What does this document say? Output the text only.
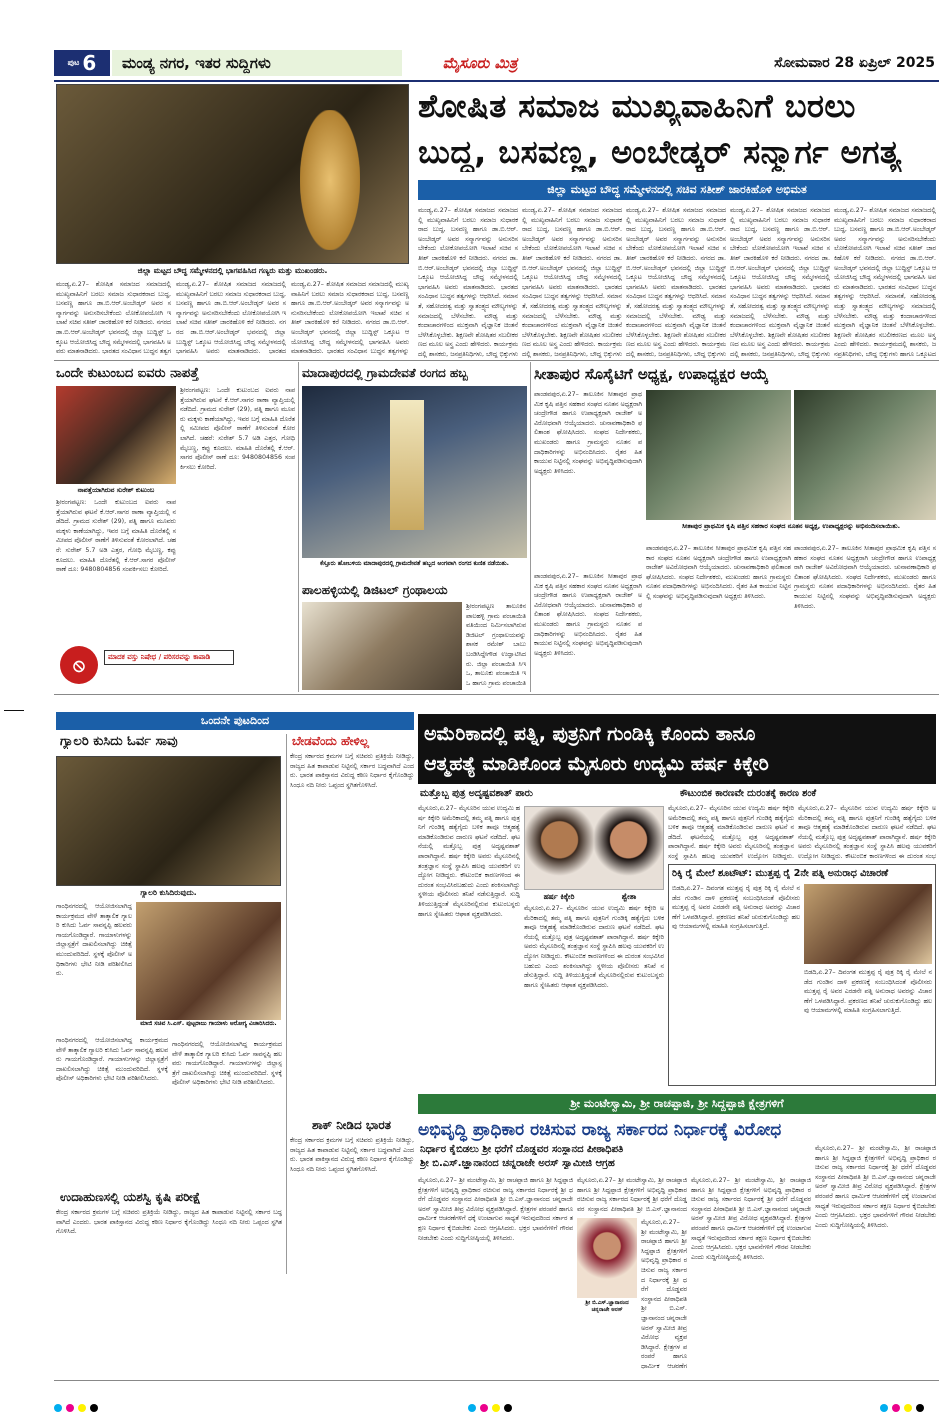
ಪುಟ 6	ಮಂಡ್ಯ ನಗರ, ಇತರ ಸುದ್ದಿಗಳು	ಮೈಸೂರು ಮಿತ್ರ	ಸೋಮವಾರ 28 ಏಪ್ರಿಲ್ 2025
ಜಿಲ್ಲಾ ಮಟ್ಟದ ಬೌದ್ಧ ಸಮ್ಮೇಳನದಲ್ಲಿ ಭಾಗವಹಿಸಿದ ಗಣ್ಯರು ಮತ್ತು ಮುಖಂಡರು.
ಶೋಷಿತ ಸಮಾಜ ಮುಖ್ಯವಾಹಿನಿಗೆ ಬರಲು
ಬುದ್ಧ, ಬಸವಣ್ಣ, ಅಂಬೇಡ್ಕರ್ ಸನ್ಮಾರ್ಗ ಅಗತ್ಯ
ಜಿಲ್ಲಾ ಮಟ್ಟದ ಬೌದ್ಧ ಸಮ್ಮೇಳನದಲ್ಲಿ ಸಚಿವ ಸತೀಶ್ ಜಾರಕಿಹೊಳಿ ಅಭಿಮತ
ಮಂಡ್ಯ,ಏ.27– ಶೋಷಿತ ಸಮಾಜದ ಸಮಾಜದಲ್ಲಿ ಮುಖ್ಯವಾಹಿನಿಗೆ ಬರಲು ಸಮಾಜ ಸುಧಾರಕರಾದ ಬುದ್ಧ, ಬಸವಣ್ಣ ಹಾಗೂ ಡಾ.ಬಿ.ಆರ್.ಅಂಬೇಡ್ಕರ್ ಅವರ ಸನ್ಮಾರ್ಗವನ್ನು ಅನುಸರಿಸಬೇಕೆಂದು ಲೋಕೋಪಯೋಗಿ ಇಲಾಖೆ ಸಚಿವ ಸತೀಶ್ ಜಾರಕಿಹೊಳಿ ಕರೆ ನೀಡಿದರು. ನಗರದ ಡಾ.ಬಿ.ಆರ್.ಅಂಬೇಡ್ಕರ್ ಭವನದಲ್ಲಿ ಜಿಲ್ಲಾ ಬುದ್ಧಿಸ್ಟ್ ಒಕ್ಕೂಟ ಆಯೋಜಿಸಿದ್ದ ಬೌದ್ಧ ಸಮ್ಮೇಳನದಲ್ಲಿ ಭಾಗವಹಿಸಿ ಅವರು ಮಾತನಾಡಿದರು. ಭಾರತದ ಸಂವಿಧಾನ ಬುದ್ಧನ ತತ್ವಗ
ಮಂಡ್ಯ,ಏ.27– ಶೋಷಿತ ಸಮಾಜದ ಸಮಾಜದಲ್ಲಿ ಮುಖ್ಯವಾಹಿನಿಗೆ ಬರಲು ಸಮಾಜ ಸುಧಾರಕರಾದ ಬುದ್ಧ, ಬಸವಣ್ಣ ಹಾಗೂ ಡಾ.ಬಿ.ಆರ್.ಅಂಬೇಡ್ಕರ್ ಅವರ ಸನ್ಮಾರ್ಗವನ್ನು ಅನುಸರಿಸಬೇಕೆಂದು ಲೋಕೋಪಯೋಗಿ ಇಲಾಖೆ ಸಚಿವ ಸತೀಶ್ ಜಾರಕಿಹೊಳಿ ಕರೆ ನೀಡಿದರು. ನಗರದ ಡಾ.ಬಿ.ಆರ್.ಅಂಬೇಡ್ಕರ್ ಭವನದಲ್ಲಿ ಜಿಲ್ಲಾ ಬುದ್ಧಿಸ್ಟ್ ಒಕ್ಕೂಟ ಆಯೋಜಿಸಿದ್ದ ಬೌದ್ಧ ಸಮ್ಮೇಳನದಲ್ಲಿ ಭಾಗವಹಿಸಿ ಅವರು ಮಾತನಾಡಿದರು. ಭಾರತದ
ಮಂಡ್ಯ,ಏ.27– ಶೋಷಿತ ಸಮಾಜದ ಸಮಾಜದಲ್ಲಿ ಮುಖ್ಯವಾಹಿನಿಗೆ ಬರಲು ಸಮಾಜ ಸುಧಾರಕರಾದ ಬುದ್ಧ, ಬಸವಣ್ಣ ಹಾಗೂ ಡಾ.ಬಿ.ಆರ್.ಅಂಬೇಡ್ಕರ್ ಅವರ ಸನ್ಮಾರ್ಗವನ್ನು ಅನುಸರಿಸಬೇಕೆಂದು ಲೋಕೋಪಯೋಗಿ ಇಲಾಖೆ ಸಚಿವ ಸತೀಶ್ ಜಾರಕಿಹೊಳಿ ಕರೆ ನೀಡಿದರು. ನಗರದ ಡಾ.ಬಿ.ಆರ್.ಅಂಬೇಡ್ಕರ್ ಭವನದಲ್ಲಿ ಜಿಲ್ಲಾ ಬುದ್ಧಿಸ್ಟ್ ಒಕ್ಕೂಟ ಆಯೋಜಿಸಿದ್ದ ಬೌದ್ಧ ಸಮ್ಮೇಳನದಲ್ಲಿ ಭಾಗವಹಿಸಿ ಅವರು ಮಾತನಾಡಿದರು. ಭಾರತದ ಸಂವಿಧಾನ ಬುದ್ಧನ ತತ್ವಗಳನ್ನು
ಮಂಡ್ಯ,ಏ.27– ಶೋಷಿತ ಸಮಾಜದ ಸಮಾಜದಲ್ಲಿ ಮುಖ್ಯವಾಹಿನಿಗೆ ಬರಲು ಸಮಾಜ ಸುಧಾರಕರಾದ ಬುದ್ಧ, ಬಸವಣ್ಣ ಹಾಗೂ ಡಾ.ಬಿ.ಆರ್.ಅಂಬೇಡ್ಕರ್ ಅವರ ಸನ್ಮಾರ್ಗವನ್ನು ಅನುಸರಿಸಬೇಕೆಂದು ಲೋಕೋಪಯೋಗಿ ಇಲಾಖೆ ಸಚಿವ ಸತೀಶ್ ಜಾರಕಿಹೊಳಿ ಕರೆ ನೀಡಿದರು. ನಗರದ ಡಾ.ಬಿ.ಆರ್.ಅಂಬೇಡ್ಕರ್ ಭವನದಲ್ಲಿ ಜಿಲ್ಲಾ ಬುದ್ಧಿಸ್ಟ್ ಒಕ್ಕೂಟ ಆಯೋಜಿಸಿದ್ದ ಬೌದ್ಧ ಸಮ್ಮೇಳನದಲ್ಲಿ ಭಾಗವಹಿಸಿ ಅವರು ಮಾತನಾಡಿದರು. ಭಾರತದ ಸಂವಿಧಾನ ಬುದ್ಧನ ತತ್ವಗಳನ್ನು ಆಧರಿಸಿದೆ. ಸಮಾನತೆ, ಸಹೋದರತ್ವ ಮತ್ತು ಸ್ವಾತಂತ್ರ್ಯದ ಮೌಲ್ಯಗಳನ್ನು ಸಮಾಜದಲ್ಲಿ ಬೆಳೆಸಬೇಕು. ಮೌಢ್ಯ ಮತ್ತು ಕಂದಾಚಾರಗಳಿಂದ ಮುಕ್ತವಾಗಿ ವೈಜ್ಞಾನಿಕ ಚಿಂತನೆ ಬೆಳೆಸಿಕೊಳ್ಳಬೇಕು. ಶಿಕ್ಷಣವೇ ಶೋಷಿತರ ಸಬಲೀಕರಣದ ಮೂಲ ಅಸ್ತ್ರ ಎಂದು ಹೇಳಿದರು. ಕಾರ್ಯಕ್ರಮದಲ್ಲಿ ಶಾಸಕರು, ಜನಪ್ರತಿನಿಧಿಗಳು, ಬೌದ್ಧ ಭಿಕ್ಕುಗಳು
ಮಂಡ್ಯ,ಏ.27– ಶೋಷಿತ ಸಮಾಜದ ಸಮಾಜದಲ್ಲಿ ಮುಖ್ಯವಾಹಿನಿಗೆ ಬರಲು ಸಮಾಜ ಸುಧಾರಕರಾದ ಬುದ್ಧ, ಬಸವಣ್ಣ ಹಾಗೂ ಡಾ.ಬಿ.ಆರ್.ಅಂಬೇಡ್ಕರ್ ಅವರ ಸನ್ಮಾರ್ಗವನ್ನು ಅನುಸರಿಸಬೇಕೆಂದು ಲೋಕೋಪಯೋಗಿ ಇಲಾಖೆ ಸಚಿವ ಸತೀಶ್ ಜಾರಕಿಹೊಳಿ ಕರೆ ನೀಡಿದರು. ನಗರದ ಡಾ.ಬಿ.ಆರ್.ಅಂಬೇಡ್ಕರ್ ಭವನದಲ್ಲಿ ಜಿಲ್ಲಾ ಬುದ್ಧಿಸ್ಟ್ ಒಕ್ಕೂಟ ಆಯೋಜಿಸಿದ್ದ ಬೌದ್ಧ ಸಮ್ಮೇಳನದಲ್ಲಿ ಭಾಗವಹಿಸಿ ಅವರು ಮಾತನಾಡಿದರು. ಭಾರತದ ಸಂವಿಧಾನ ಬುದ್ಧನ ತತ್ವಗಳನ್ನು ಆಧರಿಸಿದೆ. ಸಮಾನತೆ, ಸಹೋದರತ್ವ ಮತ್ತು ಸ್ವಾತಂತ್ರ್ಯದ ಮೌಲ್ಯಗಳನ್ನು ಸಮಾಜದಲ್ಲಿ ಬೆಳೆಸಬೇಕು. ಮೌಢ್ಯ ಮತ್ತು ಕಂದಾಚಾರಗಳಿಂದ ಮುಕ್ತವಾಗಿ ವೈಜ್ಞಾನಿಕ ಚಿಂತನೆ ಬೆಳೆಸಿಕೊಳ್ಳಬೇಕು. ಶಿಕ್ಷಣವೇ ಶೋಷಿತರ ಸಬಲೀಕರಣದ ಮೂಲ ಅಸ್ತ್ರ ಎಂದು ಹೇಳಿದರು. ಕಾರ್ಯಕ್ರಮದಲ್ಲಿ ಶಾಸಕರು, ಜನಪ್ರತಿನಿಧಿಗಳು, ಬೌದ್ಧ ಭಿಕ್ಕುಗಳು
ಮಂಡ್ಯ,ಏ.27– ಶೋಷಿತ ಸಮಾಜದ ಸಮಾಜದಲ್ಲಿ ಮುಖ್ಯವಾಹಿನಿಗೆ ಬರಲು ಸಮಾಜ ಸುಧಾರಕರಾದ ಬುದ್ಧ, ಬಸವಣ್ಣ ಹಾಗೂ ಡಾ.ಬಿ.ಆರ್.ಅಂಬೇಡ್ಕರ್ ಅವರ ಸನ್ಮಾರ್ಗವನ್ನು ಅನುಸರಿಸಬೇಕೆಂದು ಲೋಕೋಪಯೋಗಿ ಇಲಾಖೆ ಸಚಿವ ಸತೀಶ್ ಜಾರಕಿಹೊಳಿ ಕರೆ ನೀಡಿದರು. ನಗರದ ಡಾ.ಬಿ.ಆರ್.ಅಂಬೇಡ್ಕರ್ ಭವನದಲ್ಲಿ ಜಿಲ್ಲಾ ಬುದ್ಧಿಸ್ಟ್ ಒಕ್ಕೂಟ ಆಯೋಜಿಸಿದ್ದ ಬೌದ್ಧ ಸಮ್ಮೇಳನದಲ್ಲಿ ಭಾಗವಹಿಸಿ ಅವರು ಮಾತನಾಡಿದರು. ಭಾರತದ ಸಂವಿಧಾನ ಬುದ್ಧನ ತತ್ವಗಳನ್ನು ಆಧರಿಸಿದೆ. ಸಮಾನತೆ, ಸಹೋದರತ್ವ ಮತ್ತು ಸ್ವಾತಂತ್ರ್ಯದ ಮೌಲ್ಯಗಳನ್ನು ಸಮಾಜದಲ್ಲಿ ಬೆಳೆಸಬೇಕು. ಮೌಢ್ಯ ಮತ್ತು ಕಂದಾಚಾರಗಳಿಂದ ಮುಕ್ತವಾಗಿ ವೈಜ್ಞಾನಿಕ ಚಿಂತನೆ ಬೆಳೆಸಿಕೊಳ್ಳಬೇಕು. ಶಿಕ್ಷಣವೇ ಶೋಷಿತರ ಸಬಲೀಕರಣದ ಮೂಲ ಅಸ್ತ್ರ ಎಂದು ಹೇಳಿದರು. ಕಾರ್ಯಕ್ರಮದಲ್ಲಿ ಶಾಸಕರು, ಜನಪ್ರತಿನಿಧಿಗಳು, ಬೌದ್ಧ ಭಿಕ್ಕುಗಳು
ಮಂಡ್ಯ,ಏ.27– ಶೋಷಿತ ಸಮಾಜದ ಸಮಾಜದಲ್ಲಿ ಮುಖ್ಯವಾಹಿನಿಗೆ ಬರಲು ಸಮಾಜ ಸುಧಾರಕರಾದ ಬುದ್ಧ, ಬಸವಣ್ಣ ಹಾಗೂ ಡಾ.ಬಿ.ಆರ್.ಅಂಬೇಡ್ಕರ್ ಅವರ ಸನ್ಮಾರ್ಗವನ್ನು ಅನುಸರಿಸಬೇಕೆಂದು ಲೋಕೋಪಯೋಗಿ ಇಲಾಖೆ ಸಚಿವ ಸತೀಶ್ ಜಾರಕಿಹೊಳಿ ಕರೆ ನೀಡಿದರು. ನಗರದ ಡಾ.ಬಿ.ಆರ್.ಅಂಬೇಡ್ಕರ್ ಭವನದಲ್ಲಿ ಜಿಲ್ಲಾ ಬುದ್ಧಿಸ್ಟ್ ಒಕ್ಕೂಟ ಆಯೋಜಿಸಿದ್ದ ಬೌದ್ಧ ಸಮ್ಮೇಳನದಲ್ಲಿ ಭಾಗವಹಿಸಿ ಅವರು ಮಾತನಾಡಿದರು. ಭಾರತದ ಸಂವಿಧಾನ ಬುದ್ಧನ ತತ್ವಗಳನ್ನು ಆಧರಿಸಿದೆ. ಸಮಾನತೆ, ಸಹೋದರತ್ವ ಮತ್ತು ಸ್ವಾತಂತ್ರ್ಯದ ಮೌಲ್ಯಗಳನ್ನು ಸಮಾಜದಲ್ಲಿ ಬೆಳೆಸಬೇಕು. ಮೌಢ್ಯ ಮತ್ತು ಕಂದಾಚಾರಗಳಿಂದ ಮುಕ್ತವಾಗಿ ವೈಜ್ಞಾನಿಕ ಚಿಂತನೆ ಬೆಳೆಸಿಕೊಳ್ಳಬೇಕು. ಶಿಕ್ಷಣವೇ ಶೋಷಿತರ ಸಬಲೀಕರಣದ ಮೂಲ ಅಸ್ತ್ರ ಎಂದು ಹೇಳಿದರು. ಕಾರ್ಯಕ್ರಮದಲ್ಲಿ ಶಾಸಕರು, ಜನಪ್ರತಿನಿಧಿಗಳು, ಬೌದ್ಧ ಭಿಕ್ಕುಗಳು
ಮಂಡ್ಯ,ಏ.27– ಶೋಷಿತ ಸಮಾಜದ ಸಮಾಜದಲ್ಲಿ ಮುಖ್ಯವಾಹಿನಿಗೆ ಬರಲು ಸಮಾಜ ಸುಧಾರಕರಾದ ಬುದ್ಧ, ಬಸವಣ್ಣ ಹಾಗೂ ಡಾ.ಬಿ.ಆರ್.ಅಂಬೇಡ್ಕರ್ ಅವರ ಸನ್ಮಾರ್ಗವನ್ನು ಅನುಸರಿಸಬೇಕೆಂದು ಲೋಕೋಪಯೋಗಿ ಇಲಾಖೆ ಸಚಿವ ಸತೀಶ್ ಜಾರಕಿಹೊಳಿ ಕರೆ ನೀಡಿದರು. ನಗರದ ಡಾ.ಬಿ.ಆರ್.ಅಂಬೇಡ್ಕರ್ ಭವನದಲ್ಲಿ ಜಿಲ್ಲಾ ಬುದ್ಧಿಸ್ಟ್ ಒಕ್ಕೂಟ ಆಯೋಜಿಸಿದ್ದ ಬೌದ್ಧ ಸಮ್ಮೇಳನದಲ್ಲಿ ಭಾಗವಹಿಸಿ ಅವರು ಮಾತನಾಡಿದರು. ಭಾರತದ ಸಂವಿಧಾನ ಬುದ್ಧನ ತತ್ವಗಳನ್ನು ಆಧರಿಸಿದೆ. ಸಮಾನತೆ, ಸಹೋದರತ್ವ ಮತ್ತು ಸ್ವಾತಂತ್ರ್ಯದ ಮೌಲ್ಯಗಳನ್ನು ಸಮಾಜದಲ್ಲಿ ಬೆಳೆಸಬೇಕು. ಮೌಢ್ಯ ಮತ್ತು ಕಂದಾಚಾರಗಳಿಂದ ಮುಕ್ತವಾಗಿ ವೈಜ್ಞಾನಿಕ ಚಿಂತನೆ ಬೆಳೆಸಿಕೊಳ್ಳಬೇಕು. ಶಿಕ್ಷಣವೇ ಶೋಷಿತರ ಸಬಲೀಕರಣದ ಮೂಲ ಅಸ್ತ್ರ ಎಂದು ಹೇಳಿದರು. ಕಾರ್ಯಕ್ರಮದಲ್ಲಿ ಶಾಸಕರು, ಜನಪ್ರತಿನಿಧಿಗಳು, ಬೌದ್ಧ ಭಿಕ್ಕುಗಳು ಹಾಗೂ ಒಕ್ಕೂಟದ
ಒಂದೇ ಕುಟುಂಬದ ಐವರು ನಾಪತ್ತೆ
ನಾಪತ್ತೆಯಾಗಿರುವ ಸುರೇಶ್ ಕುಟುಂಬ
ಶ್ರೀರಂಗಪಟ್ಟಣ: ಒಂದೇ ಕುಟುಂಬದ ಐವರು ನಾಪತ್ತೆಯಾಗಿರುವ ಘಟನೆ ಕೆ.ಆರ್.ಸಾಗರ ಠಾಣಾ ವ್ಯಾಪ್ತಿಯಲ್ಲಿ ನಡೆದಿದೆ. ಗ್ರಾಮದ ಸುರೇಶ್ (29), ಪತ್ನಿ ಹಾಗೂ ಮೂವರು ಮಕ್ಕಳು ಕಾಣೆಯಾಗಿದ್ದು, ಇವರ ಬಗ್ಗೆ ಮಾಹಿತಿ ದೊರೆತಲ್ಲಿ ಸಮೀಪದ ಪೊಲೀಸ್ ಠಾಣೆಗೆ ತಿಳಿಸುವಂತೆ ಕೋರಲಾಗಿದೆ. ಚಹರೆ: ಸುರೇಶ್ 5.7 ಅಡಿ ಎತ್ತರ, ಗೋಧಿ ಮೈಬಣ್ಣ, ಕಪ್ಪು ಕೂದಲು. ಮಾಹಿತಿ ದೊರೆತಲ್ಲಿ ಕೆ.ಆರ್.ಸಾಗರ ಪೊಲೀಸ್ ಠಾಣೆ ದೂ: 9480804856 ಸಂಪರ್ಕಿಸಲು ಕೋರಿದೆ.
ಶ್ರೀರಂಗಪಟ್ಟಣ: ಒಂದೇ ಕುಟುಂಬದ ಐವರು ನಾಪತ್ತೆಯಾಗಿರುವ ಘಟನೆ ಕೆ.ಆರ್.ಸಾಗರ ಠಾಣಾ ವ್ಯಾಪ್ತಿಯಲ್ಲಿ ನಡೆದಿದೆ. ಗ್ರಾಮದ ಸುರೇಶ್ (29), ಪತ್ನಿ ಹಾಗೂ ಮೂವರು ಮಕ್ಕಳು ಕಾಣೆಯಾಗಿದ್ದು, ಇವರ ಬಗ್ಗೆ ಮಾಹಿತಿ ದೊರೆತಲ್ಲಿ ಸಮೀಪದ ಪೊಲೀಸ್ ಠಾಣೆಗೆ ತಿಳಿಸುವಂತೆ ಕೋರಲಾಗಿದೆ. ಚಹರೆ: ಸುರೇಶ್ 5.7 ಅಡಿ ಎತ್ತರ, ಗೋಧಿ ಮೈಬಣ್ಣ, ಕಪ್ಪು ಕೂದಲು. ಮಾಹಿತಿ ದೊರೆತಲ್ಲಿ ಕೆ.ಆರ್.ಸಾಗರ ಪೊಲೀಸ್ ಠಾಣೆ ದೂ: 9480804856 ಸಂಪರ್ಕಿಸಲು ಕೋರಿದೆ.
⦸	ಮಾದಕ ವಸ್ತು ನಿಷೇಧ / ಪರಿಸರವನ್ನು ಕಾಪಾಡಿ
ಮಾದಾಪುರದಲ್ಲಿ ಗ್ರಾಮದೇವತೆ ರಂಗದ ಹಬ್ಬ
ಕೆಸ್ತೂರು ಹೋಬಳಿಯ ಮಾದಾಪುರದಲ್ಲಿ ಗ್ರಾಮದೇವತೆ ಹಬ್ಬದ ಅಂಗವಾಗಿ ರಂಗದ ಕುಣಿತ ನಡೆಯಿತು.
ಪಾಲಹಳ್ಳಿಯಲ್ಲಿ ಡಿಜಿಟಲ್ ಗ್ರಂಥಾಲಯ
ಶ್ರೀರಂಗಪಟ್ಟಣ ತಾಲೂಕಿನ ಪಾಲಹಳ್ಳಿ ಗ್ರಾಮ ಪಂಚಾಯಿತಿ ವತಿಯಿಂದ ನಿರ್ಮಿಸಲಾಗಿರುವ ಡಿಜಿಟಲ್ ಗ್ರಂಥಾಲಯವನ್ನು ಶಾಸಕ ರಮೇಶ್ ಬಾಬು ಬಂಡಿಸಿದ್ದೇಗೌಡ ಉದ್ಘಾಟಿಸಿದರು. ಜಿಲ್ಲಾ ಪಂಚಾಯಿತಿ ಸಿಇಒ, ತಾಲೂಕು ಪಂಚಾಯಿತಿ ಇಒ ಹಾಗೂ ಗ್ರಾಮ ಪಂಚಾಯಿತಿ
ಸೀತಾಪುರ ಸೊಸೈಟಿಗೆ ಅಧ್ಯಕ್ಷ, ಉಪಾಧ್ಯಕ್ಷರ ಆಯ್ಕೆ
ಪಾಂಡವಪುರ,ಏ.27– ತಾಲೂಕಿನ ಸೀತಾಪುರ ಪ್ರಾಥಮಿಕ ಕೃಷಿ ಪತ್ತಿನ ಸಹಕಾರ ಸಂಘದ ನೂತನ ಅಧ್ಯಕ್ಷರಾಗಿ ಚಂದ್ರೇಗೌಡ ಹಾಗೂ ಉಪಾಧ್ಯಕ್ಷರಾಗಿ ರಾಜೇಶ್ ಅವಿರೋಧವಾಗಿ ಆಯ್ಕೆಯಾದರು. ಚುನಾವಣಾಧಿಕಾರಿ ಫಲಿತಾಂಶ ಘೋಷಿಸಿದರು. ಸಂಘದ ನಿರ್ದೇಶಕರು, ಮುಖಂಡರು ಹಾಗೂ ಗ್ರಾಮಸ್ಥರು ನೂತನ ಪದಾಧಿಕಾರಿಗಳನ್ನು ಅಭಿನಂದಿಸಿದರು. ರೈತರ ಹಿತ ಕಾಯುವ ನಿಟ್ಟಿನಲ್ಲಿ ಸಂಘವನ್ನು ಅಭಿವೃದ್ಧಿಪಡಿಸುವುದಾಗಿ ಅಧ್ಯಕ್ಷರು ತಿಳಿಸಿದರು.
ಸೀತಾಪುರ ಪ್ರಾಥಮಿಕ ಕೃಷಿ ಪತ್ತಿನ ಸಹಕಾರ ಸಂಘದ ನೂತನ ಅಧ್ಯಕ್ಷ, ಉಪಾಧ್ಯಕ್ಷರನ್ನು ಅಭಿನಂದಿಸಲಾಯಿತು.
ಪಾಂಡವಪುರ,ಏ.27– ತಾಲೂಕಿನ ಸೀತಾಪುರ ಪ್ರಾಥಮಿಕ ಕೃಷಿ ಪತ್ತಿನ ಸಹಕಾರ ಸಂಘದ ನೂತನ ಅಧ್ಯಕ್ಷರಾಗಿ ಚಂದ್ರೇಗೌಡ ಹಾಗೂ ಉಪಾಧ್ಯಕ್ಷರಾಗಿ ರಾಜೇಶ್ ಅವಿರೋಧವಾಗಿ ಆಯ್ಕೆಯಾದರು. ಚುನಾವಣಾಧಿಕಾರಿ ಫಲಿತಾಂಶ ಘೋಷಿಸಿದರು. ಸಂಘದ ನಿರ್ದೇಶಕರು, ಮುಖಂಡರು ಹಾಗೂ ಗ್ರಾಮಸ್ಥರು ನೂತನ ಪದಾಧಿಕಾರಿಗಳನ್ನು ಅಭಿನಂದಿಸಿದರು. ರೈತರ ಹಿತ ಕಾಯುವ ನಿಟ್ಟಿನಲ್ಲಿ ಸಂಘವನ್ನು ಅಭಿವೃದ್ಧಿಪಡಿಸುವುದಾಗಿ ಅಧ್ಯಕ್ಷರು ತಿಳಿಸಿದರು.
ಪಾಂಡವಪುರ,ಏ.27– ತಾಲೂಕಿನ ಸೀತಾಪುರ ಪ್ರಾಥಮಿಕ ಕೃಷಿ ಪತ್ತಿನ ಸಹಕಾರ ಸಂಘದ ನೂತನ ಅಧ್ಯಕ್ಷರಾಗಿ ಚಂದ್ರೇಗೌಡ ಹಾಗೂ ಉಪಾಧ್ಯಕ್ಷರಾಗಿ ರಾಜೇಶ್ ಅವಿರೋಧವಾಗಿ ಆಯ್ಕೆಯಾದರು. ಚುನಾವಣಾಧಿಕಾರಿ ಫಲಿತಾಂಶ ಘೋಷಿಸಿದರು. ಸಂಘದ ನಿರ್ದೇಶಕರು, ಮುಖಂಡರು ಹಾಗೂ ಗ್ರಾಮಸ್ಥರು ನೂತನ ಪದಾಧಿಕಾರಿಗಳನ್ನು ಅಭಿನಂದಿಸಿದರು. ರೈತರ ಹಿತ ಕಾಯುವ ನಿಟ್ಟಿನಲ್ಲಿ ಸಂಘವನ್ನು ಅಭಿವೃದ್ಧಿಪಡಿಸುವುದಾಗಿ ಅಧ್ಯಕ್ಷರು ತಿಳಿಸಿದರು.
ಪಾಂಡವಪುರ,ಏ.27– ತಾಲೂಕಿನ ಸೀತಾಪುರ ಪ್ರಾಥಮಿಕ ಕೃಷಿ ಪತ್ತಿನ ಸಹಕಾರ ಸಂಘದ ನೂತನ ಅಧ್ಯಕ್ಷರಾಗಿ ಚಂದ್ರೇಗೌಡ ಹಾಗೂ ಉಪಾಧ್ಯಕ್ಷರಾಗಿ ರಾಜೇಶ್ ಅವಿರೋಧವಾಗಿ ಆಯ್ಕೆಯಾದರು. ಚುನಾವಣಾಧಿಕಾರಿ ಫಲಿತಾಂಶ ಘೋಷಿಸಿದರು. ಸಂಘದ ನಿರ್ದೇಶಕರು, ಮುಖಂಡರು ಹಾಗೂ ಗ್ರಾಮಸ್ಥರು ನೂತನ ಪದಾಧಿಕಾರಿಗಳನ್ನು ಅಭಿನಂದಿಸಿದರು. ರೈತರ ಹಿತ ಕಾಯುವ ನಿಟ್ಟಿನಲ್ಲಿ ಸಂಘವನ್ನು ಅಭಿವೃದ್ಧಿಪಡಿಸುವುದಾಗಿ ಅಧ್ಯಕ್ಷರು ತಿಳಿಸಿದರು.
ಒಂದನೇ ಪುಟದಿಂದ
ಗ್ಯಾಲರಿ ಕುಸಿದು ಓರ್ವ ಸಾವು
ಗ್ಯಾಲರಿ ಕುಸಿದಿರುವುದು.
ಗಾಂಧಿನಗರದಲ್ಲಿ ಆಯೋಜಿಸಲಾಗಿದ್ದ ಕಾರ್ಯಕ್ರಮದ ವೇಳೆ ತಾತ್ಕಾಲಿಕ ಗ್ಯಾಲರಿ ಕುಸಿದು ಓರ್ವ ಸಾವನ್ನಪ್ಪಿ ಹಲವರು ಗಾಯಗೊಂಡಿದ್ದಾರೆ. ಗಾಯಾಳುಗಳನ್ನು ಜಿಲ್ಲಾಸ್ಪತ್ರೆಗೆ ದಾಖಲಿಸಲಾಗಿದ್ದು ಚಿಕಿತ್ಸೆ ಮುಂದುವರಿದಿದೆ. ಸ್ಥಳಕ್ಕೆ ಪೊಲೀಸ್ ಅಧಿಕಾರಿಗಳು ಭೇಟಿ ನೀಡಿ ಪರಿಶೀಲಿಸಿದರು.
ಮಾಜಿ ಸಚಿವ ಸಿ.ಎಸ್. ಪುಟ್ಟರಾಜು ಗಾಯಾಳು ಆರೋಗ್ಯ ವಿಚಾರಿಸಿದರು.
ಗಾಂಧಿನಗರದಲ್ಲಿ ಆಯೋಜಿಸಲಾಗಿದ್ದ ಕಾರ್ಯಕ್ರಮದ ವೇಳೆ ತಾತ್ಕಾಲಿಕ ಗ್ಯಾಲರಿ ಕುಸಿದು ಓರ್ವ ಸಾವನ್ನಪ್ಪಿ ಹಲವರು ಗಾಯಗೊಂಡಿದ್ದಾರೆ. ಗಾಯಾಳುಗಳನ್ನು ಜಿಲ್ಲಾಸ್ಪತ್ರೆಗೆ ದಾಖಲಿಸಲಾಗಿದ್ದು ಚಿಕಿತ್ಸೆ ಮುಂದುವರಿದಿದೆ. ಸ್ಥಳಕ್ಕೆ ಪೊಲೀಸ್ ಅಧಿಕಾರಿಗಳು ಭೇಟಿ ನೀಡಿ ಪರಿಶೀಲಿಸಿದರು.
ಗಾಂಧಿನಗರದಲ್ಲಿ ಆಯೋಜಿಸಲಾಗಿದ್ದ ಕಾರ್ಯಕ್ರಮದ ವೇಳೆ ತಾತ್ಕಾಲಿಕ ಗ್ಯಾಲರಿ ಕುಸಿದು ಓರ್ವ ಸಾವನ್ನಪ್ಪಿ ಹಲವರು ಗಾಯಗೊಂಡಿದ್ದಾರೆ. ಗಾಯಾಳುಗಳನ್ನು ಜಿಲ್ಲಾಸ್ಪತ್ರೆಗೆ ದಾಖಲಿಸಲಾಗಿದ್ದು ಚಿಕಿತ್ಸೆ ಮುಂದುವರಿದಿದೆ. ಸ್ಥಳಕ್ಕೆ ಪೊಲೀಸ್ ಅಧಿಕಾರಿಗಳು ಭೇಟಿ ನೀಡಿ ಪರಿಶೀಲಿಸಿದರು.
ಉದಾಹುಣಸಲ್ಲಿ ಯಶಸ್ವಿ ಕೃಷಿ ಪರೀಕ್ಷೆ
ಕೇಂದ್ರ ಸರ್ಕಾರದ ಕ್ರಮಗಳ ಬಗ್ಗೆ ಸಚಿವರು ಪ್ರತಿಕ್ರಿಯೆ ನೀಡಿದ್ದು, ರಾಜ್ಯದ ಹಿತ ಕಾಪಾಡುವ ನಿಟ್ಟಿನಲ್ಲಿ ಸರ್ಕಾರ ಬದ್ಧವಾಗಿದೆ ಎಂದರು. ಭಾರತ ಪಾಕಿಸ್ತಾನದ ವಿರುದ್ಧ ಕಠಿಣ ನಿರ್ಧಾರ ಕೈಗೊಂಡಿದ್ದು ಸಿಂಧೂ ನದಿ ನೀರು ಒಪ್ಪಂದ ಸ್ಥಗಿತಗೊಳಿಸಿದೆ.
ಬೇಡವೆಂದು ಹೇಳಿಲ್ಲ
ಕೇಂದ್ರ ಸರ್ಕಾರದ ಕ್ರಮಗಳ ಬಗ್ಗೆ ಸಚಿವರು ಪ್ರತಿಕ್ರಿಯೆ ನೀಡಿದ್ದು, ರಾಜ್ಯದ ಹಿತ ಕಾಪಾಡುವ ನಿಟ್ಟಿನಲ್ಲಿ ಸರ್ಕಾರ ಬದ್ಧವಾಗಿದೆ ಎಂದರು. ಭಾರತ ಪಾಕಿಸ್ತಾನದ ವಿರುದ್ಧ ಕಠಿಣ ನಿರ್ಧಾರ ಕೈಗೊಂಡಿದ್ದು ಸಿಂಧೂ ನದಿ ನೀರು ಒಪ್ಪಂದ ಸ್ಥಗಿತಗೊಳಿಸಿದೆ.
ಶಾಕ್ ನೀಡಿದ ಭಾರತ
ಕೇಂದ್ರ ಸರ್ಕಾರದ ಕ್ರಮಗಳ ಬಗ್ಗೆ ಸಚಿವರು ಪ್ರತಿಕ್ರಿಯೆ ನೀಡಿದ್ದು, ರಾಜ್ಯದ ಹಿತ ಕಾಪಾಡುವ ನಿಟ್ಟಿನಲ್ಲಿ ಸರ್ಕಾರ ಬದ್ಧವಾಗಿದೆ ಎಂದರು. ಭಾರತ ಪಾಕಿಸ್ತಾನದ ವಿರುದ್ಧ ಕಠಿಣ ನಿರ್ಧಾರ ಕೈಗೊಂಡಿದ್ದು ಸಿಂಧೂ ನದಿ ನೀರು ಒಪ್ಪಂದ ಸ್ಥಗಿತಗೊಳಿಸಿದೆ.
ಅಮೆರಿಕಾದಲ್ಲಿ ಪತ್ನಿ, ಪುತ್ರನಿಗೆ ಗುಂಡಿಕ್ಕಿ ಕೊಂದು ತಾನೂ
ಆತ್ಮಹತ್ಯೆ ಮಾಡಿಕೊಂಡ ಮೈಸೂರು ಉದ್ಯಮಿ ಹರ್ಷ ಕಿಕ್ಕೇರಿ
ಮತ್ತೊಬ್ಬ ಪುತ್ರ ಅದೃಷ್ಟವಶಾತ್ ಪಾರು	ಕೌಟುಂಬಿಕ ಕಾರಣವೇ ದುರಂತಕ್ಕೆ ಕಾರಣ ಶಂಕೆ
ಮೈಸೂರು,ಏ.27– ಮೈಸೂರಿನ ಯುವ ಉದ್ಯಮಿ ಹರ್ಷ ಕಿಕ್ಕೇರಿ ಅಮೆರಿಕಾದಲ್ಲಿ ತಮ್ಮ ಪತ್ನಿ ಹಾಗೂ ಪುತ್ರನಿಗೆ ಗುಂಡಿಕ್ಕಿ ಹತ್ಯೆಗೈದು ಬಳಿಕ ತಾವೂ ಆತ್ಮಹತ್ಯೆ ಮಾಡಿಕೊಂಡಿರುವ ದಾರುಣ ಘಟನೆ ನಡೆದಿದೆ. ಘಟನೆಯಲ್ಲಿ ಮತ್ತೊಬ್ಬ ಪುತ್ರ ಅದೃಷ್ಟವಶಾತ್ ಪಾರಾಗಿದ್ದಾನೆ. ಹರ್ಷ ಕಿಕ್ಕೇರಿ ಅವರು ಮೈಸೂರಿನಲ್ಲಿ ತಂತ್ರಜ್ಞಾನ ಸಂಸ್ಥೆ ಸ್ಥಾಪಿಸಿ ಹಲವು ಯುವಕರಿಗೆ ಉದ್ಯೋಗ ನೀಡಿದ್ದರು. ಕೌಟುಂಬಿಕ ಕಾರಣಗಳಿಂದ ಈ ದುರಂತ ಸಂಭವಿಸಿರಬಹುದು ಎಂದು ಶಂಕಿಸಲಾಗಿದ್ದು ಸ್ಥಳೀಯ ಪೊಲೀಸರು ತನಿಖೆ ನಡೆಸುತ್ತಿದ್ದಾರೆ. ಸುದ್ದಿ ತಿಳಿಯುತ್ತಿದ್ದಂತೆ ಮೈಸೂರಿನಲ್ಲಿರುವ ಕುಟುಂಬಸ್ಥರು ಹಾಗೂ ಸ್ನೇಹಿತರು ಆಘಾತ ವ್ಯಕ್ತಪಡಿಸಿದರು.
ಹರ್ಷ ಕಿಕ್ಕೇರಿ	ಶ್ವೇತಾ
ಮೈಸೂರು,ಏ.27– ಮೈಸೂರಿನ ಯುವ ಉದ್ಯಮಿ ಹರ್ಷ ಕಿಕ್ಕೇರಿ ಅಮೆರಿಕಾದಲ್ಲಿ ತಮ್ಮ ಪತ್ನಿ ಹಾಗೂ ಪುತ್ರನಿಗೆ ಗುಂಡಿಕ್ಕಿ ಹತ್ಯೆಗೈದು ಬಳಿಕ ತಾವೂ ಆತ್ಮಹತ್ಯೆ ಮಾಡಿಕೊಂಡಿರುವ ದಾರುಣ ಘಟನೆ ನಡೆದಿದೆ. ಘಟನೆಯಲ್ಲಿ ಮತ್ತೊಬ್ಬ ಪುತ್ರ ಅದೃಷ್ಟವಶಾತ್ ಪಾರಾಗಿದ್ದಾನೆ. ಹರ್ಷ ಕಿಕ್ಕೇರಿ ಅವರು ಮೈಸೂರಿನಲ್ಲಿ ತಂತ್ರಜ್ಞಾನ ಸಂಸ್ಥೆ ಸ್ಥಾಪಿಸಿ ಹಲವು ಯುವಕರಿಗೆ ಉದ್ಯೋಗ ನೀಡಿದ್ದರು. ಕೌಟುಂಬಿಕ ಕಾರಣಗಳಿಂದ ಈ ದುರಂತ ಸಂಭವಿಸಿರಬಹುದು ಎಂದು ಶಂಕಿಸಲಾಗಿದ್ದು ಸ್ಥಳೀಯ ಪೊಲೀಸರು ತನಿಖೆ ನಡೆಸುತ್ತಿದ್ದಾರೆ. ಸುದ್ದಿ ತಿಳಿಯುತ್ತಿದ್ದಂತೆ ಮೈಸೂರಿನಲ್ಲಿರುವ ಕುಟುಂಬಸ್ಥರು ಹಾಗೂ ಸ್ನೇಹಿತರು ಆಘಾತ ವ್ಯಕ್ತಪಡಿಸಿದರು.
ಮೈಸೂರು,ಏ.27– ಮೈಸೂರಿನ ಯುವ ಉದ್ಯಮಿ ಹರ್ಷ ಕಿಕ್ಕೇರಿ ಅಮೆರಿಕಾದಲ್ಲಿ ತಮ್ಮ ಪತ್ನಿ ಹಾಗೂ ಪುತ್ರನಿಗೆ ಗುಂಡಿಕ್ಕಿ ಹತ್ಯೆಗೈದು ಬಳಿಕ ತಾವೂ ಆತ್ಮಹತ್ಯೆ ಮಾಡಿಕೊಂಡಿರುವ ದಾರುಣ ಘಟನೆ ನಡೆದಿದೆ. ಘಟನೆಯಲ್ಲಿ ಮತ್ತೊಬ್ಬ ಪುತ್ರ ಅದೃಷ್ಟವಶಾತ್ ಪಾರಾಗಿದ್ದಾನೆ. ಹರ್ಷ ಕಿಕ್ಕೇರಿ ಅವರು ಮೈಸೂರಿನಲ್ಲಿ ತಂತ್ರಜ್ಞಾನ ಸಂಸ್ಥೆ ಸ್ಥಾಪಿಸಿ ಹಲವು ಯುವಕರಿಗೆ ಉದ್ಯೋಗ ನೀಡಿದ್ದರು.
ಮೈಸೂರು,ಏ.27– ಮೈಸೂರಿನ ಯುವ ಉದ್ಯಮಿ ಹರ್ಷ ಕಿಕ್ಕೇರಿ ಅಮೆರಿಕಾದಲ್ಲಿ ತಮ್ಮ ಪತ್ನಿ ಹಾಗೂ ಪುತ್ರನಿಗೆ ಗುಂಡಿಕ್ಕಿ ಹತ್ಯೆಗೈದು ಬಳಿಕ ತಾವೂ ಆತ್ಮಹತ್ಯೆ ಮಾಡಿಕೊಂಡಿರುವ ದಾರುಣ ಘಟನೆ ನಡೆದಿದೆ. ಘಟನೆಯಲ್ಲಿ ಮತ್ತೊಬ್ಬ ಪುತ್ರ ಅದೃಷ್ಟವಶಾತ್ ಪಾರಾಗಿದ್ದಾನೆ. ಹರ್ಷ ಕಿಕ್ಕೇರಿ ಅವರು ಮೈಸೂರಿನಲ್ಲಿ ತಂತ್ರಜ್ಞಾನ ಸಂಸ್ಥೆ ಸ್ಥಾಪಿಸಿ ಹಲವು ಯುವಕರಿಗೆ ಉದ್ಯೋಗ ನೀಡಿದ್ದರು. ಕೌಟುಂಬಿಕ ಕಾರಣಗಳಿಂದ ಈ ದುರಂತ ಸಂಭ
ರಿಕ್ಕಿ ರೈ ಮೇಲೆ ಶೂಟೌಟ್: ಮುತ್ತಪ್ಪ ರೈ 2ನೇ ಪತ್ನಿ ಅನುರಾಧ ವಿಚಾರಣೆ
ಬಿಡದಿ,ಏ.27– ದಿವಂಗತ ಮುತ್ತಪ್ಪ ರೈ ಪುತ್ರ ರಿಕ್ಕಿ ರೈ ಮೇಲೆ ನಡೆದ ಗುಂಡಿನ ದಾಳಿ ಪ್ರಕರಣಕ್ಕೆ ಸಂಬಂಧಿಸಿದಂತೆ ಪೊಲೀಸರು ಮುತ್ತಪ್ಪ ರೈ ಅವರ ಎರಡನೇ ಪತ್ನಿ ಅನುರಾಧ ಅವರನ್ನು ವಿಚಾರಣೆಗೆ ಒಳಪಡಿಸಿದ್ದಾರೆ. ಪ್ರಕರಣದ ತನಿಖೆ ಚುರುಕುಗೊಂಡಿದ್ದು ಹಲವು ಆಯಾಮಗಳಲ್ಲಿ ಮಾಹಿತಿ ಸಂಗ್ರಹಿಸಲಾಗುತ್ತಿದೆ.
ಬಿಡದಿ,ಏ.27– ದಿವಂಗತ ಮುತ್ತಪ್ಪ ರೈ ಪುತ್ರ ರಿಕ್ಕಿ ರೈ ಮೇಲೆ ನಡೆದ ಗುಂಡಿನ ದಾಳಿ ಪ್ರಕರಣಕ್ಕೆ ಸಂಬಂಧಿಸಿದಂತೆ ಪೊಲೀಸರು ಮುತ್ತಪ್ಪ ರೈ ಅವರ ಎರಡನೇ ಪತ್ನಿ ಅನುರಾಧ ಅವರನ್ನು ವಿಚಾರಣೆಗೆ ಒಳಪಡಿಸಿದ್ದಾರೆ. ಪ್ರಕರಣದ ತನಿಖೆ ಚುರುಕುಗೊಂಡಿದ್ದು ಹಲವು ಆಯಾಮಗಳಲ್ಲಿ ಮಾಹಿತಿ ಸಂಗ್ರಹಿಸಲಾಗುತ್ತಿದೆ.
ಶ್ರೀ ಮಂಟೇಸ್ವಾಮಿ, ಶ್ರೀ ರಾಚಪ್ಪಾಜಿ, ಶ್ರೀ ಸಿದ್ದಪ್ಪಾಜಿ ಕ್ಷೇತ್ರಗಳಿಗೆ
ಅಭಿವೃದ್ಧಿ ಪ್ರಾಧಿಕಾರ ರಚಿಸುವ ರಾಜ್ಯ ಸರ್ಕಾರದ ನಿರ್ಧಾರಕ್ಕೆ ವಿರೋಧ
ನಿರ್ಧಾರ ಕೈಬಿಡಲು ಶ್ರೀ ಧರೆಗೆ ದೊಡ್ಡವರ ಸಂಸ್ಥಾನದ ಪೀಠಾಧಿಪತಿ
ಶ್ರೀ ಬಿ.ಎಸ್.ಜ್ಞಾನಾನಂದ ಚನ್ನರಾಜೇ ಅರಸ್ ಸ್ವಾಮೀಜಿ ಆಗ್ರಹ
ಮೈಸೂರು,ಏ.27– ಶ್ರೀ ಮಂಟೇಸ್ವಾಮಿ, ಶ್ರೀ ರಾಚಪ್ಪಾಜಿ ಹಾಗೂ ಶ್ರೀ ಸಿದ್ದಪ್ಪಾಜಿ ಕ್ಷೇತ್ರಗಳಿಗೆ ಅಭಿವೃದ್ಧಿ ಪ್ರಾಧಿಕಾರ ರಚಿಸುವ ರಾಜ್ಯ ಸರ್ಕಾರದ ನಿರ್ಧಾರಕ್ಕೆ ಶ್ರೀ ಧರೆಗೆ ದೊಡ್ಡವರ ಸಂಸ್ಥಾನದ ಪೀಠಾಧಿಪತಿ ಶ್ರೀ ಬಿ.ಎಸ್.ಜ್ಞಾನಾನಂದ ಚನ್ನರಾಜೇ ಅರಸ್ ಸ್ವಾಮೀಜಿ ತೀವ್ರ ವಿರೋಧ ವ್ಯಕ್ತಪಡಿಸಿದ್ದಾರೆ. ಕ್ಷೇತ್ರಗಳ ಪರಂಪರೆ ಹಾಗೂ ಧಾರ್ಮಿಕ ಆಚರಣೆಗಳಿಗೆ ಧಕ್ಕೆ ಉಂಟಾಗುವ ಸಾಧ್ಯತೆ ಇರುವುದರಿಂದ ಸರ್ಕಾರ ತಕ್ಷಣ ನಿರ್ಧಾರ ಕೈಬಿಡಬೇಕು ಎಂದು ಆಗ್ರಹಿಸಿದರು. ಭಕ್ತರ ಭಾವನೆಗಳಿಗೆ ಗೌರವ ನೀಡಬೇಕು ಎಂದು ಸುದ್ದಿಗೋಷ್ಠಿಯಲ್ಲಿ ತಿಳಿಸಿದರು.
ಮೈಸೂರು,ಏ.27– ಶ್ರೀ ಮಂಟೇಸ್ವಾಮಿ, ಶ್ರೀ ರಾಚಪ್ಪಾಜಿ ಹಾಗೂ ಶ್ರೀ ಸಿದ್ದಪ್ಪಾಜಿ ಕ್ಷೇತ್ರಗಳಿಗೆ ಅಭಿವೃದ್ಧಿ ಪ್ರಾಧಿಕಾರ ರಚಿಸುವ ರಾಜ್ಯ ಸರ್ಕಾರದ ನಿರ್ಧಾರಕ್ಕೆ ಶ್ರೀ ಧರೆಗೆ ದೊಡ್ಡವರ ಸಂಸ್ಥಾನದ ಪೀಠಾಧಿಪತಿ ಶ್ರೀ ಬಿ.ಎಸ್.ಜ್ಞಾನಾನಂದ
ಶ್ರೀ ಬಿ.ಎಸ್.ಜ್ಞಾನಾನಂದ ಚನ್ನರಾಜೇ ಅರಸ್
ಮೈಸೂರು,ಏ.27– ಶ್ರೀ ಮಂಟೇಸ್ವಾಮಿ, ಶ್ರೀ ರಾಚಪ್ಪಾಜಿ ಹಾಗೂ ಶ್ರೀ ಸಿದ್ದಪ್ಪಾಜಿ ಕ್ಷೇತ್ರಗಳಿಗೆ ಅಭಿವೃದ್ಧಿ ಪ್ರಾಧಿಕಾರ ರಚಿಸುವ ರಾಜ್ಯ ಸರ್ಕಾರದ ನಿರ್ಧಾರಕ್ಕೆ ಶ್ರೀ ಧರೆಗೆ ದೊಡ್ಡವರ ಸಂಸ್ಥಾನದ ಪೀಠಾಧಿಪತಿ ಶ್ರೀ ಬಿ.ಎಸ್.ಜ್ಞಾನಾನಂದ ಚನ್ನರಾಜೇ ಅರಸ್ ಸ್ವಾಮೀಜಿ ತೀವ್ರ ವಿರೋಧ ವ್ಯಕ್ತಪಡಿಸಿದ್ದಾರೆ. ಕ್ಷೇತ್ರಗಳ ಪರಂಪರೆ ಹಾಗೂ ಧಾರ್ಮಿಕ ಆಚರಣೆಗ
ಮೈಸೂರು,ಏ.27– ಶ್ರೀ ಮಂಟೇಸ್ವಾಮಿ, ಶ್ರೀ ರಾಚಪ್ಪಾಜಿ ಹಾಗೂ ಶ್ರೀ ಸಿದ್ದಪ್ಪಾಜಿ ಕ್ಷೇತ್ರಗಳಿಗೆ ಅಭಿವೃದ್ಧಿ ಪ್ರಾಧಿಕಾರ ರಚಿಸುವ ರಾಜ್ಯ ಸರ್ಕಾರದ ನಿರ್ಧಾರಕ್ಕೆ ಶ್ರೀ ಧರೆಗೆ ದೊಡ್ಡವರ ಸಂಸ್ಥಾನದ ಪೀಠಾಧಿಪತಿ ಶ್ರೀ ಬಿ.ಎಸ್.ಜ್ಞಾನಾನಂದ ಚನ್ನರಾಜೇ ಅರಸ್ ಸ್ವಾಮೀಜಿ ತೀವ್ರ ವಿರೋಧ ವ್ಯಕ್ತಪಡಿಸಿದ್ದಾರೆ. ಕ್ಷೇತ್ರಗಳ ಪರಂಪರೆ ಹಾಗೂ ಧಾರ್ಮಿಕ ಆಚರಣೆಗಳಿಗೆ ಧಕ್ಕೆ ಉಂಟಾಗುವ ಸಾಧ್ಯತೆ ಇರುವುದರಿಂದ ಸರ್ಕಾರ ತಕ್ಷಣ ನಿರ್ಧಾರ ಕೈಬಿಡಬೇಕು ಎಂದು ಆಗ್ರಹಿಸಿದರು. ಭಕ್ತರ ಭಾವನೆಗಳಿಗೆ ಗೌರವ ನೀಡಬೇಕು ಎಂದು ಸುದ್ದಿಗೋಷ್ಠಿಯಲ್ಲಿ ತಿಳಿಸಿದರು.
ಮೈಸೂರು,ಏ.27– ಶ್ರೀ ಮಂಟೇಸ್ವಾಮಿ, ಶ್ರೀ ರಾಚಪ್ಪಾಜಿ ಹಾಗೂ ಶ್ರೀ ಸಿದ್ದಪ್ಪಾಜಿ ಕ್ಷೇತ್ರಗಳಿಗೆ ಅಭಿವೃದ್ಧಿ ಪ್ರಾಧಿಕಾರ ರಚಿಸುವ ರಾಜ್ಯ ಸರ್ಕಾರದ ನಿರ್ಧಾರಕ್ಕೆ ಶ್ರೀ ಧರೆಗೆ ದೊಡ್ಡವರ ಸಂಸ್ಥಾನದ ಪೀಠಾಧಿಪತಿ ಶ್ರೀ ಬಿ.ಎಸ್.ಜ್ಞಾನಾನಂದ ಚನ್ನರಾಜೇ ಅರಸ್ ಸ್ವಾಮೀಜಿ ತೀವ್ರ ವಿರೋಧ ವ್ಯಕ್ತಪಡಿಸಿದ್ದಾರೆ. ಕ್ಷೇತ್ರಗಳ ಪರಂಪರೆ ಹಾಗೂ ಧಾರ್ಮಿಕ ಆಚರಣೆಗಳಿಗೆ ಧಕ್ಕೆ ಉಂಟಾಗುವ ಸಾಧ್ಯತೆ ಇರುವುದರಿಂದ ಸರ್ಕಾರ ತಕ್ಷಣ ನಿರ್ಧಾರ ಕೈಬಿಡಬೇಕು ಎಂದು ಆಗ್ರಹಿಸಿದರು. ಭಕ್ತರ ಭಾವನೆಗಳಿಗೆ ಗೌರವ ನೀಡಬೇಕು ಎಂದು ಸುದ್ದಿಗೋಷ್ಠಿಯಲ್ಲಿ ತಿಳಿಸಿದರು.
